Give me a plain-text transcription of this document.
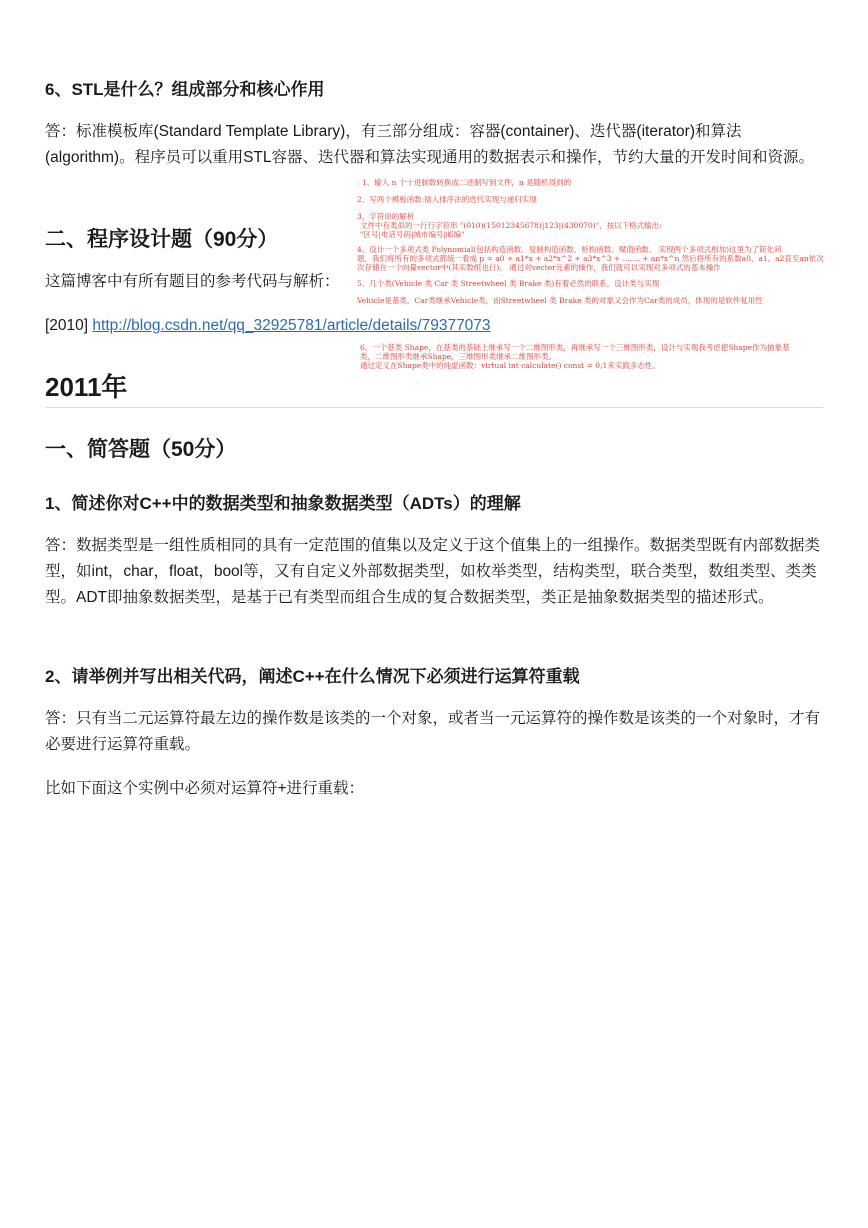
6、STL是什么？组成部分和核心作用

答：标准模板库(Standard Template Library)，有三部分组成：容器(container)、迭代器(iterator)和算法(algorithm)。程序员可以重用STL容器、迭代器和算法实现通用的数据表示和操作，节约大量的开发时间和资源。

二、程序设计题（90分）

这篇博客中有所有题目的参考代码与解析：

[2010] http://blog.csdn.net/qq_32925781/article/details/79377073

2011年
一、简答题（50分）
1、简述你对C++中的数据类型和抽象数据类型（ADTs）的理解

答：数据类型是一组性质相同的具有一定范围的值集以及定义于这个值集上的一组操作。数据类型既有内部数据类型，如int，char，float，bool等，又有自定义外部数据类型，如枚举类型，结构类型，联合类型，数组类型、类类型。ADT即抽象数据类型，是基于已有类型而组合生成的复合数据类型，类正是抽象数据类型的描述形式。

2、请举例并写出相关代码，阐述C++在什么情况下必须进行运算符重载

答：只有当二元运算符最左边的操作数是该类的一个对象，或者当一元运算符的操作数是该类的一个对象时，才有必要进行运算符重载。

比如下面这个实例中必须对运算符+进行重载：

1、输入 n 个十进制数转换成二进制写到文件，n 是随机得到的

2、写两个模板函数:插入排序法的迭代实现与递归实现

3、字符串的解析

文件中有类似的一行行字符串 "(010)(15012345678)|123|(430070)"，按以下格式输出:

"区号|电话号码|城市编号|邮编"

4、设计一个多项式类 Polynomial(包括构造函数、复制构造函数、析构函数、赋值函数、 实现两个多项式相加)这里为了简化问

题，我们将所有的多项式都统一看成 p = a0 + a1*x + a2*x^2 + a3*x^3 + ……. + an*x^n 然后将所有的系数a0、a1、a2直至an依次

次存储在一个向量vector中(其实数组也行)。 通过对vector元素的操作，我们就可以实现对多项式的基本操作

5、几个类(Vehicle 类 Car 类 Streetwheel 类 Brake 类)有着必然的联系，设计类与实现

Vehicle是基类，Car类继承Vehicle类，而Streetwheel 类 Brake 类的对象又会作为Car类的成员，体现的是软件复用性

6、一个基类 Shape，在基类的基础上继承写一个二维图形类，再继承写一个三维图形类，设计与实现我考虑把Shape作为抽象基

类，二维图形类继承Shape，三维图形类继承二维图形类。

通过定义在Shape类中的纯虚函数：virtual int calculate() const = 0;1来实践多态性。
